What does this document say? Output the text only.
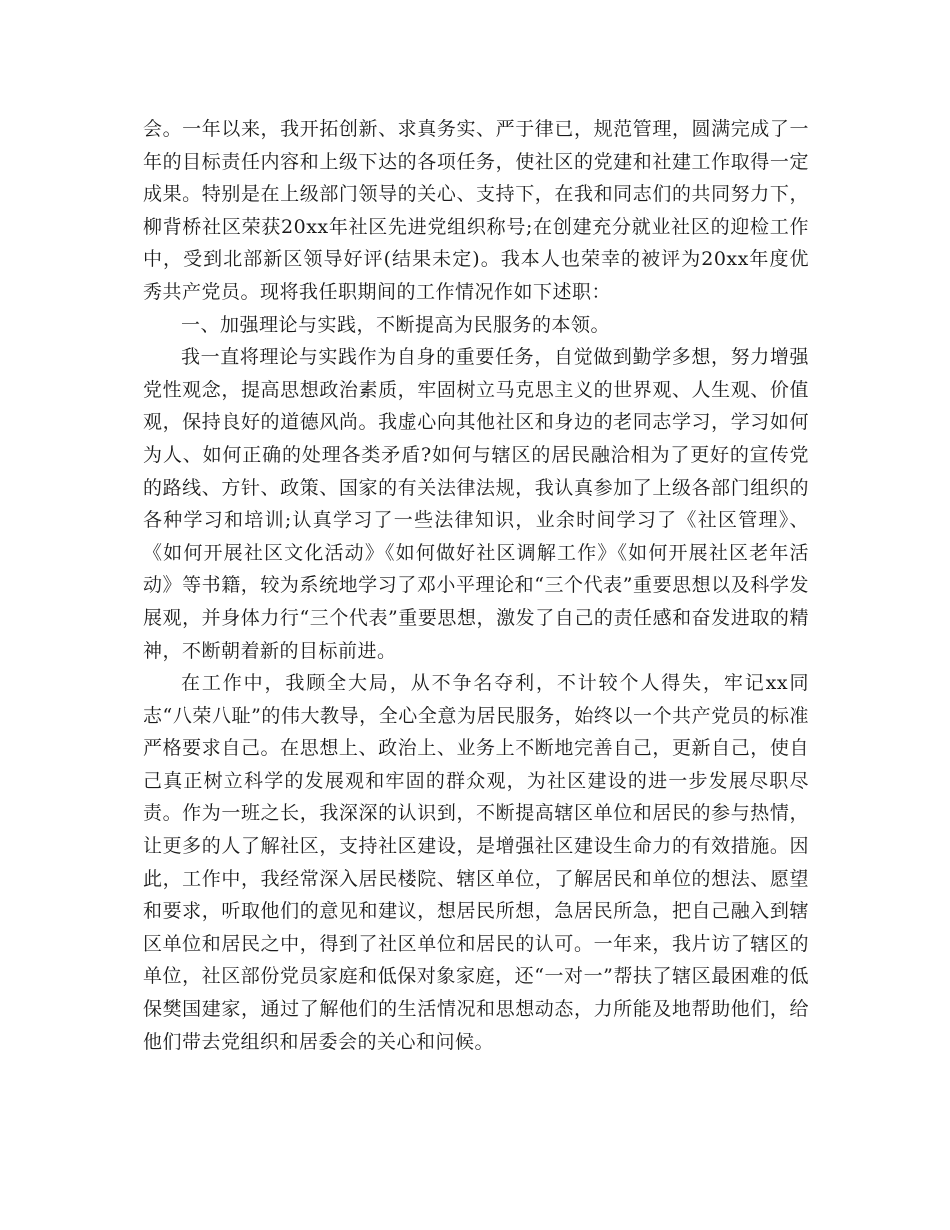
会。一年以来，我开拓创新、求真务实、严于律已，规范管理，圆满完成了一年的目标责任内容和上级下达的各项任务，使社区的党建和社建工作取得一定成果。特别是在上级部门领导的关心、支持下，在我和同志们的共同努力下，柳背桥社区荣获20xx年社区先进党组织称号;在创建充分就业社区的迎检工作中，受到北部新区领导好评(结果未定)。我本人也荣幸的被评为20xx年度优秀共产党员。现将我任职期间的工作情况作如下述职：

一、加强理论与实践，不断提高为民服务的本领。

我一直将理论与实践作为自身的重要任务，自觉做到勤学多想，努力增强党性观念，提高思想政治素质，牢固树立马克思主义的世界观、人生观、价值观，保持良好的道德风尚。我虚心向其他社区和身边的老同志学习，学习如何为人、如何正确的处理各类矛盾?如何与辖区的居民融洽相为了更好的宣传党的路线、方针、政策、国家的有关法律法规，我认真参加了上级各部门组织的各种学习和培训;认真学习了一些法律知识，业余时间学习了《社区管理》、《如何开展社区文化活动》《如何做好社区调解工作》《如何开展社区老年活动》等书籍，较为系统地学习了邓小平理论和“三个代表”重要思想以及科学发展观，并身体力行“三个代表”重要思想，激发了自己的责任感和奋发进取的精神，不断朝着新的目标前进。

在工作中，我顾全大局，从不争名夺利，不计较个人得失，牢记xx同志“八荣八耻”的伟大教导，全心全意为居民服务，始终以一个共产党员的标准严格要求自己。在思想上、政治上、业务上不断地完善自己，更新自己，使自己真正树立科学的发展观和牢固的群众观，为社区建设的进一步发展尽职尽责。作为一班之长，我深深的认识到，不断提高辖区单位和居民的参与热情，让更多的人了解社区，支持社区建设，是增强社区建设生命力的有效措施。因此，工作中，我经常深入居民楼院、辖区单位，了解居民和单位的想法、愿望和要求，听取他们的意见和建议，想居民所想，急居民所急，把自己融入到辖区单位和居民之中，得到了社区单位和居民的认可。一年来，我片访了辖区的单位，社区部份党员家庭和低保对象家庭，还“一对一”帮扶了辖区最困难的低保樊国建家，通过了解他们的生活情况和思想动态，力所能及地帮助他们，给他们带去党组织和居委会的关心和问候。
